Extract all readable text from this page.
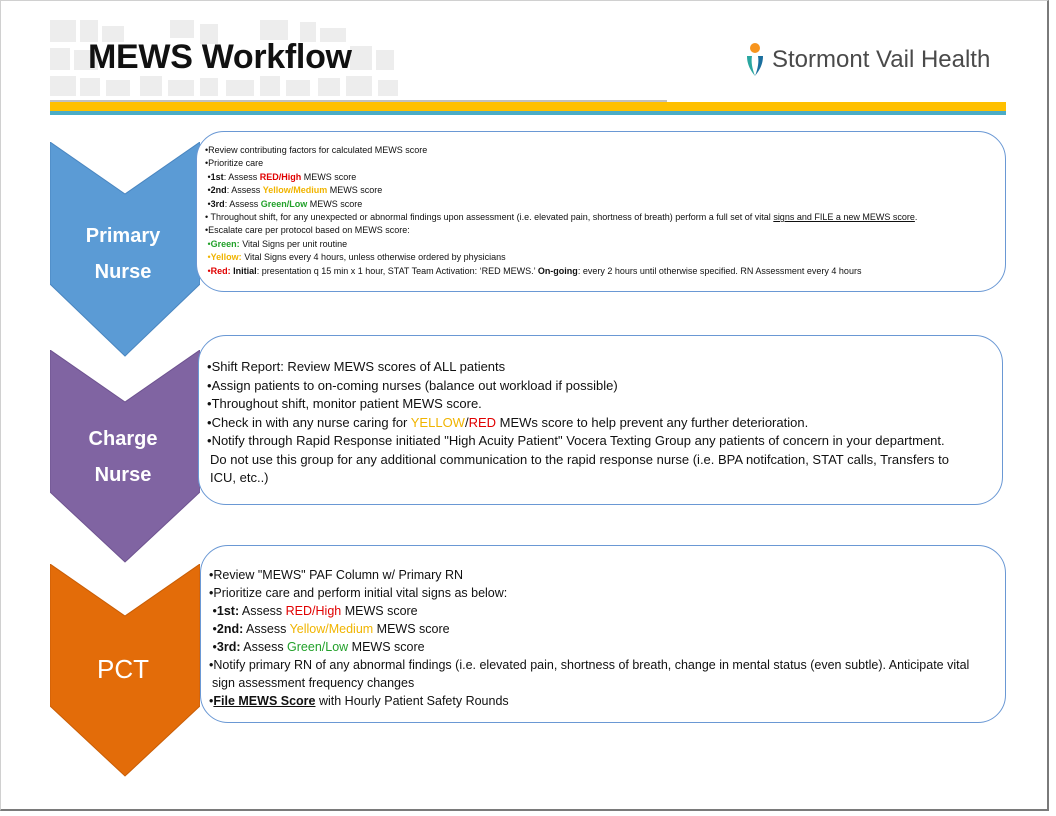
MEWS Workflow	Stormont Vail Health
Primary
Nurse
Charge
Nurse
PCT
•Review contributing factors for calculated MEWS score
•Prioritize care
•1st: Assess RED/High MEWS score
•2nd: Assess Yellow/Medium MEWS score
•3rd: Assess Green/Low MEWS score
• Throughout shift, for any unexpected or abnormal findings upon assessment (i.e. elevated pain, shortness of breath) perform a full set of vital signs and FILE a new MEWS score.
•Escalate care per protocol based on MEWS score:
•Green: Vital Signs per unit routine
•Yellow: Vital Signs every 4 hours, unless otherwise ordered by physicians
•Red: Initial: presentation q 15 min x 1 hour, STAT Team Activation: ‘RED MEWS.’ On-going: every 2 hours until otherwise specified. RN Assessment every 4 hours
•Shift Report: Review MEWS scores of ALL patients
•Assign patients to on-coming nurses (balance out workload if possible)
•Throughout shift, monitor patient MEWS score.
•Check in with any nurse caring for YELLOW/RED MEWs score to help prevent any further deterioration.
•Notify through Rapid Response initiated "High Acuity Patient" Vocera Texting Group any patients of concern in your department.
Do not use this group for any additional communication to the rapid response nurse (i.e. BPA notifcation, STAT calls, Transfers to
ICU, etc..)
•Review "MEWS" PAF Column w/ Primary RN
•Prioritize care and perform initial vital signs as below:
•1st: Assess RED/High MEWS score
•2nd: Assess Yellow/Medium MEWS score
•3rd: Assess Green/Low MEWS score
•Notify primary RN of any abnormal findings (i.e. elevated pain, shortness of breath, change in mental status (even subtle). Anticipate vital
sign assessment frequency changes
•File MEWS Score with Hourly Patient Safety Rounds
